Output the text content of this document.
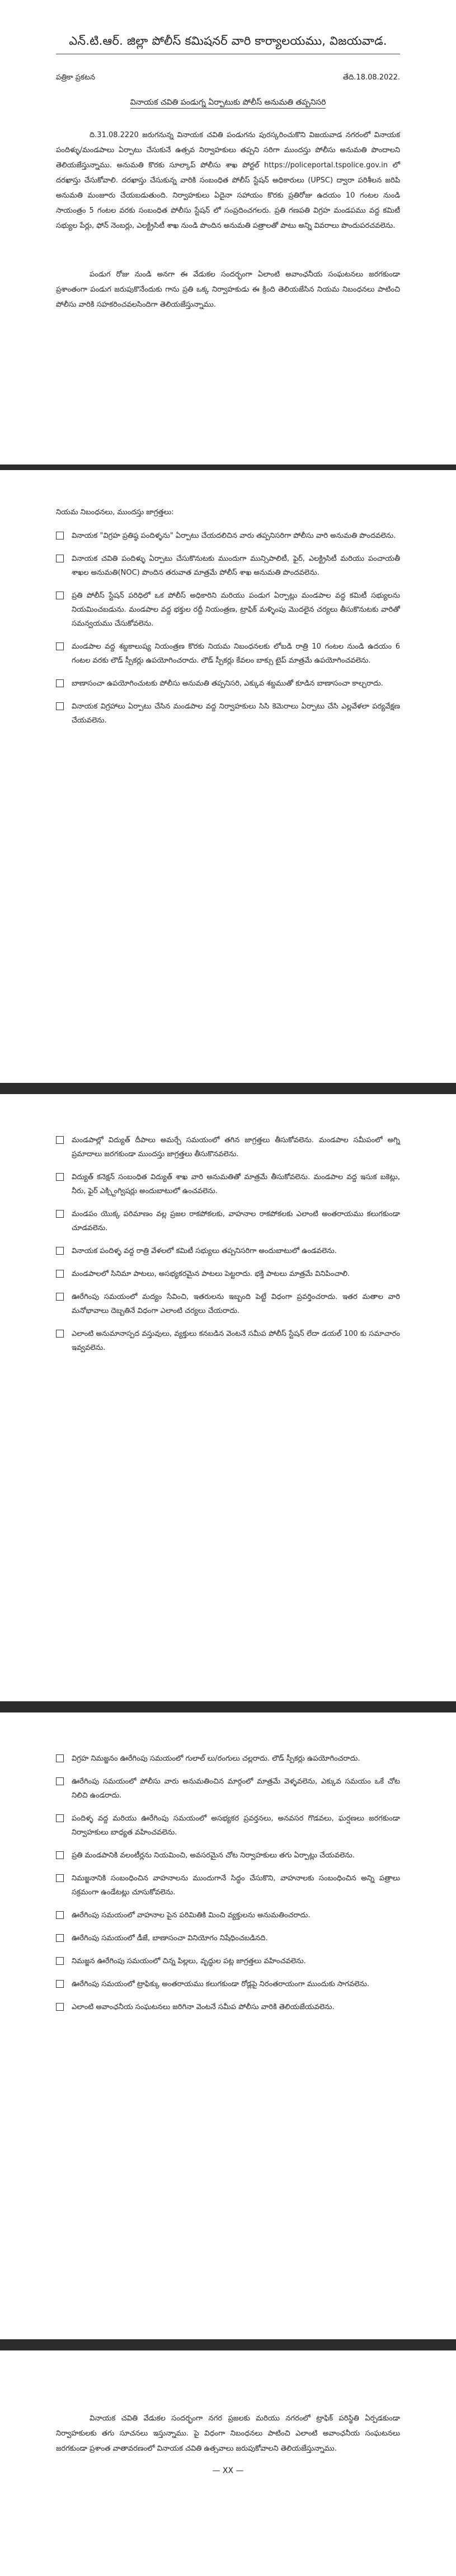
ఎన్.టి.ఆర్. జిల్లా పోలీస్ కమిషనర్ వారి కార్యాలయము, విజయవాడ.
పత్రికా ప్రకటన	తేది.18.08.2022.
వినాయక చవితి పండుగ్న ఏర్పాటుకు పోలీస్ అనుమతి తప్పనిసరి

ది.31.08.2220 జరుగనున్న వినాయక చవితి పండుగను పురస్కరించుకొని విజయవాడ నగరంలో వినాయక పందిళ్ళు/మండపాలు ఏర్పాటు చేసుకునే ఉత్సవ నిర్వాహకులు తప్పని సరిగా ముందస్తు పోలీసు అనుమతి పొందాలని తెలియజేస్తున్నాము. అనుమతి కొరకు సూల్కాప్ పోలీసు శాఖ పోర్టల్ https://policeportal.tspolice.gov.in లో దరఖాస్తు చేసుకోవాలి. దరఖాస్తు చేసుకున్న వారికి సంబంధిత పోలీస్ స్టేషన్ అధికారులు (UPSC) ద్వారా పరిశీలన జరిపి అనుమతి మంజూరు చేయబడుతుంది. నిర్వాహకులు ఏదైనా సహాయం కొరకు ప్రతిరోజు ఉదయం 10 గంటల నుండి సాయంత్రం 5 గంటల వరకు సంబంధిత పోలీసు స్టేషన్ లో సంప్రదించగలరు. ప్రతి గణపతి విగ్రహ మండపము వద్ద కమిటీ సభ్యుల పేర్లు, ఫోన్ నెంబర్లు, ఎలక్ట్రిసిటీ శాఖ నుండి పొందిన అనుమతి పత్రాలతో పాటు అన్ని వివరాలు పొందుపరచవలెను.

పండుగ రోజు నుండి అనగా ఈ వేడుకల సందర్భంగా ఏలాంటి అవాంఛనీయ సంఘటనలు జరగకుండా ప్రశాంతంగా పండుగ జరుపుకొనేందుకు గాను ప్రతి ఒక్క నిర్వాహకుడు ఈ క్రింది తెలియజేసిన నియమ నిబంధనలు పాటించి పోలీసు వారికి సహకరించవలసిందిగా తెలియజేస్తున్నాము.

నియమ నిబంధనలు, ముందస్తు జాగ్రత్తలు:

వినాయక "విగ్రహ ప్రతిష్ఠ పందిళ్ళను" ఏర్పాటు చేయదలిచిన వారు తప్పనిసరిగా పోలీసు వారి అనుమతి పొందవలెను.
వినాయక చవితి పందిళ్ళు ఏర్పాటు చేసుకొనుటకు ముందుగా మున్సిపాలిటీ, ఫైర్, ఎలక్ట్రిసిటీ మరియు పంచాయతీ శాఖల అనుమతి(NOC) పొందిన తరువాత మాత్రమే పోలీస్ శాఖ అనుమతి పొందవలెను.
ప్రతి పోలీస్ స్టేషన్ పరిధిలో ఒక పోలీస్ అధికారిని మరియు పండుగ ఏర్పాట్లు మండపాల వద్ద కమిటీ సభ్యులను నియమించబడును. మండపాల వద్ద భక్తుల రద్దీ నియంత్రణ, ట్రాఫిక్ మళ్ళింపు మొదలైన చర్యలు తీసుకొనుటకు వారితో సమన్వయము చేసుకోవలెను.
మండపాల వద్ద శబ్దకాలుష్య నియంత్రణ కొరకు నియమ నిబంధనలకు లోబడి రాత్రి 10 గంటల నుండి ఉదయం 6 గంటల వరకు లౌడ్ స్పీకర్లు ఉపయోగించరాదు. లౌడ్ స్పీకర్లు కేవలం బాక్సు టైప్ మాత్రమే ఉపయోగించవలెను.
బాణాసంచా ఉపయోగించుటకు పోలీసు అనుమతి తప్పనిసరి, ఎక్కువ శబ్దముతో కూడిన బాణాసంచా కాల్చరాదు.
వినాయక విగ్రహాలు ఏర్పాటు చేసిన మండపాల వద్ద నిర్వాహకులు సిసి కెమెరాలు ఏర్పాటు చేసి ఎల్లవేళలా పర్యవేక్షణ చేయవలెను.
మండపాల్లో విద్యుత్ దీపాలు అమర్చే సమయంలో తగిన జాగ్రత్తలు తీసుకోవలెను. మండపాల సమీపంలో అగ్ని ప్రమాదాలు జరగకుండా ముందస్తు జాగ్రత్తలు తీసుకొనవలెను.
విద్యుత్ కనెక్షన్ సంబంధిత విద్యుత్ శాఖ వారి అనుమతితో మాత్రమే తీసుకోవలెను. మండపాల వద్ద ఇసుక బకెట్లు, నీరు, ఫైర్ ఎక్స్టింగ్విషర్లు అందుబాటులో ఉంచవలెను.
మండపం యొక్క పరిమాణం వల్ల ప్రజల రాకపోకలకు, వాహనాల రాకపోకలకు ఎలాంటి అంతరాయము కలుగకుండా చూడవలెను.
వినాయక పందిళ్ళ వద్ద రాత్రి వేళలలో కమిటీ సభ్యులు తప్పనిసరిగా అందుబాటులో ఉండవలెను.
మండపాలలో సినిమా పాటలు, అసభ్యకరమైన పాటలు పెట్టరాదు. భక్తి పాటలు మాత్రమే వినిపించాలి.
ఊరేగింపు సమయంలో మద్యం సేవించి, ఇతరులను ఇబ్బంది పెట్టే విధంగా ప్రవర్తించరాదు. ఇతర మతాల వారి మనోభావాలు దెబ్బతినే విధంగా ఎలాంటి చర్యలు చేయరాదు.
ఎలాంటి అనుమానాస్పద వస్తువులు, వ్యక్తులు కనబడిన వెంటనే సమీప పోలీస్ స్టేషన్ లేదా డయల్ 100 కు సమాచారం ఇవ్వవలెను.
విగ్రహ నిమజ్జనం ఊరేగింపు సమయంలో గులాల్ లు/రంగులు చల్లరాదు. లౌడ్ స్పీకర్లు ఉపయోగించరాదు.
ఊరేగింపు సమయంలో పోలీసు వారు అనుమతించిన మార్గంలో మాత్రమే వెళ్ళవలెను, ఎక్కువ సమయం ఒకే చోట నిలిచి ఉండరాదు.
పందిళ్ళ వద్ద మరియు ఊరేగింపు సమయంలో అసభ్యకర ప్రవర్తనలు, అనవసర గొడవలు, ఘర్షణలు జరగకుండా నిర్వాహకులు బాధ్యత వహించవలెను.
ప్రతి మండపానికి వలంటీర్లను నియమించి, అవసరమైన చోట నిర్వాహకులు తగు ఏర్పాట్లు చేయవలెను.
నిమజ్జనానికి సంబంధించిన వాహనాలను ముందుగానే సిద్ధం చేసుకొని, వాహనాలకు సంబంధించిన అన్ని పత్రాలు సక్రమంగా ఉండేటట్లు చూసుకోవలెను.
ఊరేగింపు సమయంలో వాహనాల పైన పరిమితికి మించి వ్యక్తులను అనుమతించరాదు.
ఊరేగింపు సమయంలో డీజే, బాణాసంచా వినియోగం నిషేధించబడినది.
నిమజ్జన ఊరేగింపు సమయంలో చిన్న పిల్లలు, వృద్ధుల పట్ల జాగ్రత్తలు వహించవలెను.
ఊరేగింపు సమయంలో ట్రాఫిక్కు అంతరాయము కలుగకుండా రోడ్లపై నిరంతరాయంగా ముందుకు సాగవలెను.
ఎలాంటి అవాంఛనీయ సంఘటనలు జరిగినా వెంటనే సమీప పోలీసు వారికి తెలియజేయవలెను.

వినాయక చవితి వేడుకల సందర్భంగా నగర ప్రజలకు మరియు నగరంలో ట్రాఫిక్ పరిస్థితి ఏర్పడకుండా నిర్వాహకులకు తగు సూచనలు ఇస్తున్నాము. పై విధంగా నిబంధనలు పాటించి ఎలాంటి అవాంఛనీయ సంఘటనలు జరగకుండా ప్రశాంత వాతావరణంలో వినాయక చవితి ఉత్సవాలు జరుపుకోవాలని తెలియజేస్తున్నాము.

— XX —
